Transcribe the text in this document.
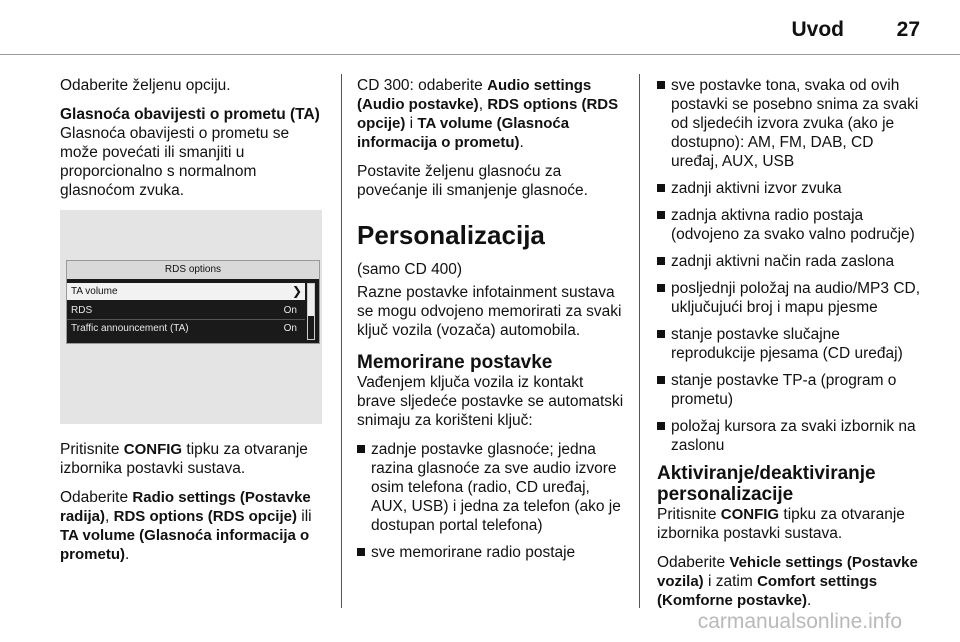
Uvod	27

Odaberite željenu opciju.

Glasnoća obavijesti o prometu (TA)

Glasnoća obavijesti o prometu se može povećati ili smanjiti u proporcionalno s normalnom glasnoćom zvuka.

RDS options
TA volume	❯
RDS	On
Traffic announcement (TA)	On

Pritisnite CONFIG tipku za otvaranje izbornika postavki sustava.

Odaberite Radio settings (Postavke radija), RDS options (RDS opcije) ili TA volume (Glasnoća informacija o prometu).

CD 300: odaberite Audio settings (Audio postavke), RDS options (RDS opcije) i TA volume (Glasnoća informacija o prometu).

Postavite željenu glasnoću za povećanje ili smanjenje glasnoće.

Personalizacija

(samo CD 400)

Razne postavke infotainment sustava se mogu odvojeno memorirati za svaki ključ vozila (vozača) automobila.

Memorirane postavke

Vađenjem ključa vozila iz kontakt brave sljedeće postavke se automatski snimaju za korišteni ključ:

zadnje postavke glasnoće; jedna razina glasnoće za sve audio izvore osim telefona (radio, CD uređaj, AUX, USB) i jedna za telefon (ako je dostupan portal telefona)
sve memorirane radio postaje
sve postavke tona, svaka od ovih postavki se posebno snima za svaki od sljedećih izvora zvuka (ako je dostupno): AM, FM, DAB, CD uređaj, AUX, USB
zadnji aktivni izvor zvuka
zadnja aktivna radio postaja (odvojeno za svako valno područje)
zadnji aktivni način rada zaslona
posljednji položaj na audio/MP3 CD, uključujući broj i mapu pjesme
stanje postavke slučajne reprodukcije pjesama (CD uređaj)
stanje postavke TP-a (program o prometu)
položaj kursora za svaki izbornik na zaslonu
Aktiviranje/deaktiviranje personalizacije

Pritisnite CONFIG tipku za otvaranje izbornika postavki sustava.

Odaberite Vehicle settings (Postavke vozila) i zatim Comfort settings (Komforne postavke).

carmanualsonline.info
